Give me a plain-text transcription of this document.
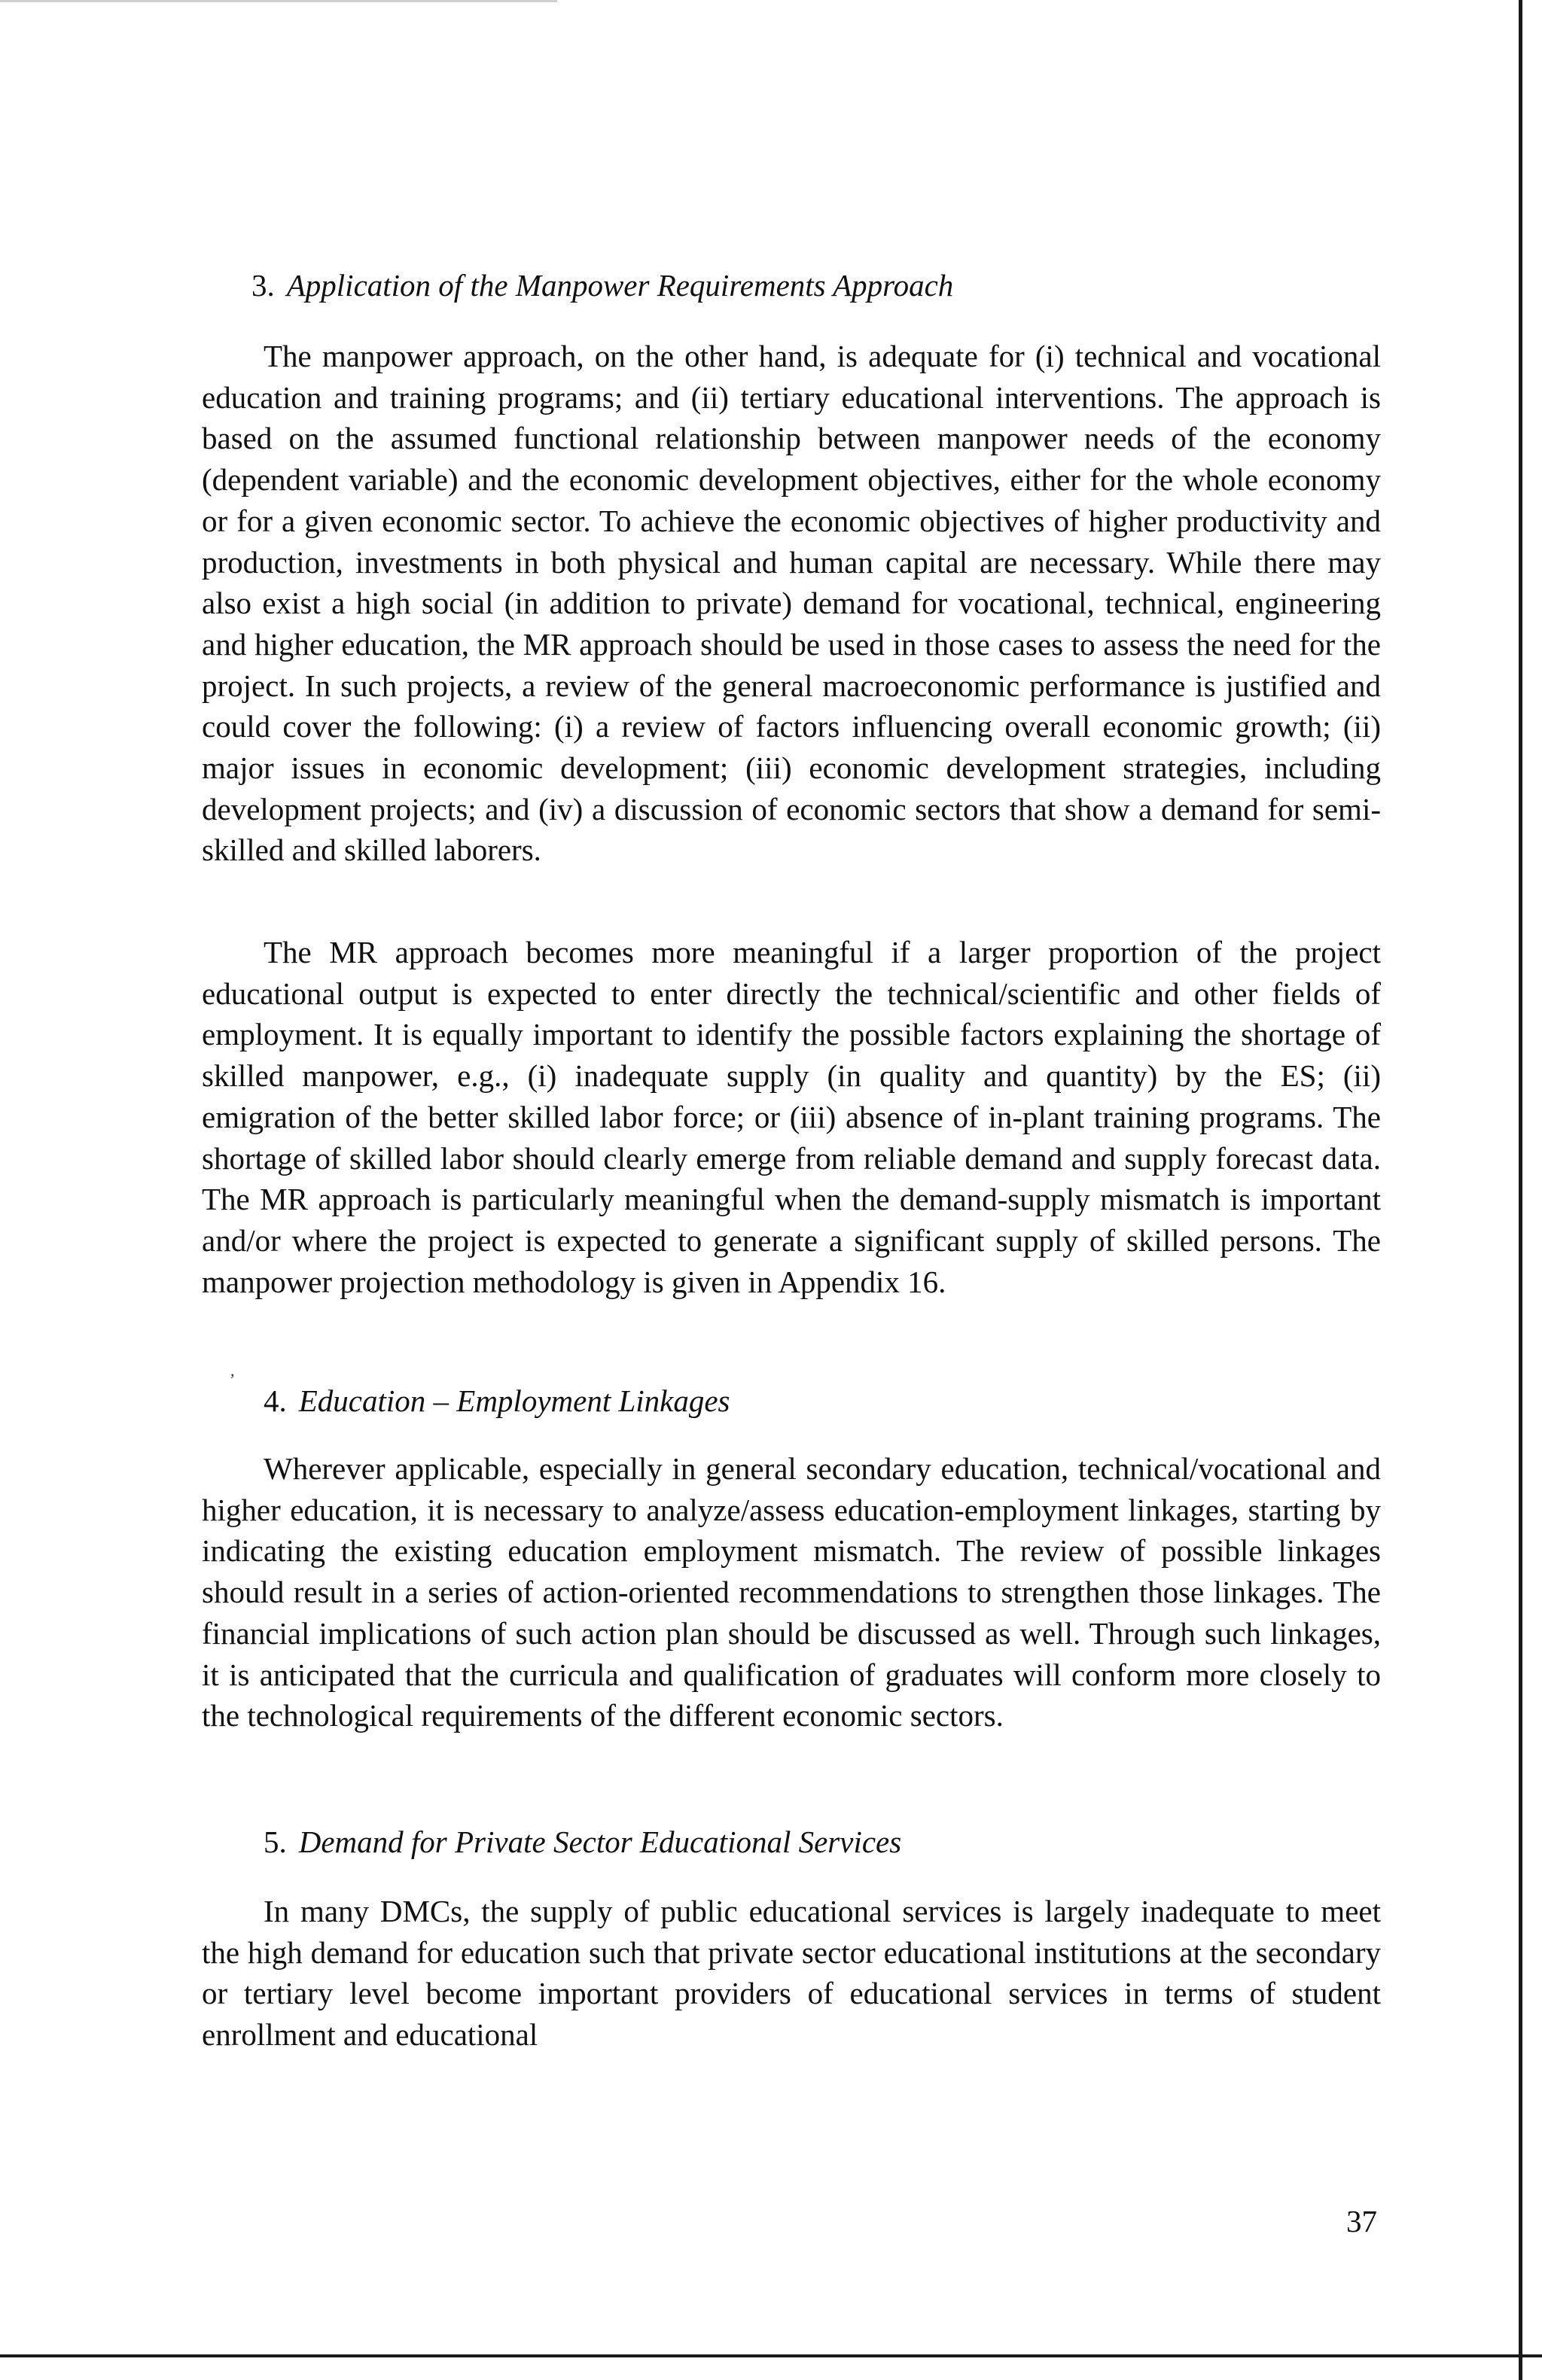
3. Application of the Manpower Requirements Approach

The manpower approach, on the other hand, is adequate for (i) technical and vocational education and training programs; and (ii) tertiary educational interventions. The approach is based on the assumed functional relationship between manpower needs of the economy (dependent variable) and the economic development objectives, either for the whole economy or for a given economic sector. To achieve the economic objectives of higher productivity and production, investments in both physical and human capital are necessary. While there may also exist a high social (in addition to private) demand for vocational, technical, engineering and higher education, the MR approach should be used in those cases to assess the need for the project. In such projects, a review of the general macroeconomic performance is justified and could cover the following: (i) a review of factors influencing overall economic growth; (ii) major issues in economic development; (iii) economic development strategies, including development projects; and (iv) a discussion of economic sectors that show a demand for semi-skilled and skilled laborers.

The MR approach becomes more meaningful if a larger proportion of the project educational output is expected to enter directly the technical/scientific and other fields of employment. It is equally important to identify the possible factors explaining the shortage of skilled manpower, e.g., (i) inadequate supply (in quality and quantity) by the ES; (ii) emigration of the better skilled labor force; or (iii) absence of in-plant training programs. The shortage of skilled labor should clearly emerge from reliable demand and supply forecast data. The MR approach is particularly meaningful when the demand-supply mismatch is important and/or where the project is expected to generate a significant supply of skilled persons. The manpower projection methodology is given in Appendix 16.

,
4. Education – Employment Linkages

Wherever applicable, especially in general secondary education, technical/vocational and higher education, it is necessary to analyze/assess education-employment linkages, starting by indicating the existing education employment mismatch. The review of possible linkages should result in a series of action-oriented recommendations to strengthen those linkages. The financial implications of such action plan should be discussed as well. Through such linkages, it is anticipated that the curricula and qualification of graduates will conform more closely to the technological requirements of the different economic sectors.

5. Demand for Private Sector Educational Services

In many DMCs, the supply of public educational services is largely inadequate to meet the high demand for education such that private sector educational institutions at the secondary or tertiary level become important providers of educational services in terms of student enrollment and educational

37
